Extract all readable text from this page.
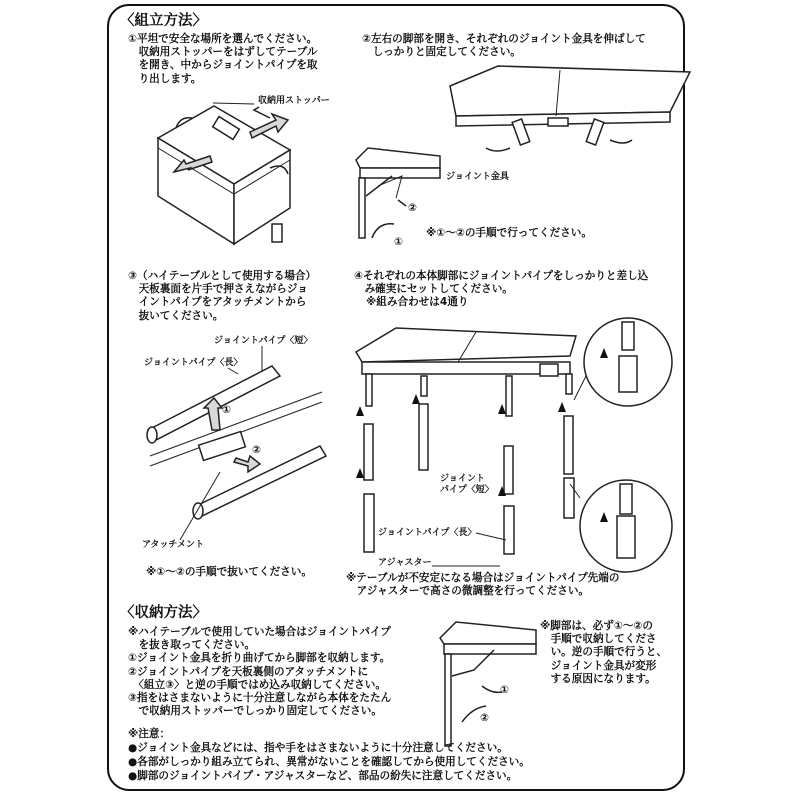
〈組立方法〉
①平坦で安全な場所を選んでください。
　収納用ストッパーをはずしてテーブル
　を開き、中からジョイントパイプを取
　り出します。
収納用ストッパー
②左右の脚部を開き、それぞれのジョイント金具を伸ばして
　しっかりと固定してください。
ジョイント金具
※①～②の手順で行ってください。
②
①
③（ハイテーブルとして使用する場合）
　天板裏面を片手で押さえながらジョ
　イントパイプをアタッチメントから
　抜いてください。
ジョイントパイプ〈短〉
ジョイントパイプ〈長〉
①
②
アタッチメント
※①～②の手順で抜いてください。
④それぞれの本体脚部にジョイントパイプをしっかりと差し込
　み確実にセットしてください。
※組み合わせは4通り
ジョイント
パイプ〈短〉
ジョイントパイプ〈長〉
アジャスター
※テーブルが不安定になる場合はジョイントパイプ先端の
　アジャスターで高さの微調整を行ってください。
〈収納方法〉
※ハイテーブルで使用していた場合はジョイントパイプ
　を抜き取ってください。
①ジョイント金具を折り曲げてから脚部を収納します。
②ジョイントパイプを天板裏側のアタッチメントに
　〈組立③〉と逆の手順ではめ込み収納してください。
③指をはさまないように十分注意しながら本体をたたん
　で収納用ストッパーでしっかり固定してください。
※脚部は、必ず①～②の
　手順で収納してくださ
　い。逆の手順で行うと、
　ジョイント金具が変形
　する原因になります。
①
②
※注意：
●ジョイント金具などには、指や手をはさまないように十分注意してください。
●各部がしっかり組み立てられ、異常がないことを確認してから使用してください。
●脚部のジョイントパイプ・アジャスターなど、部品の紛失に注意してください。
